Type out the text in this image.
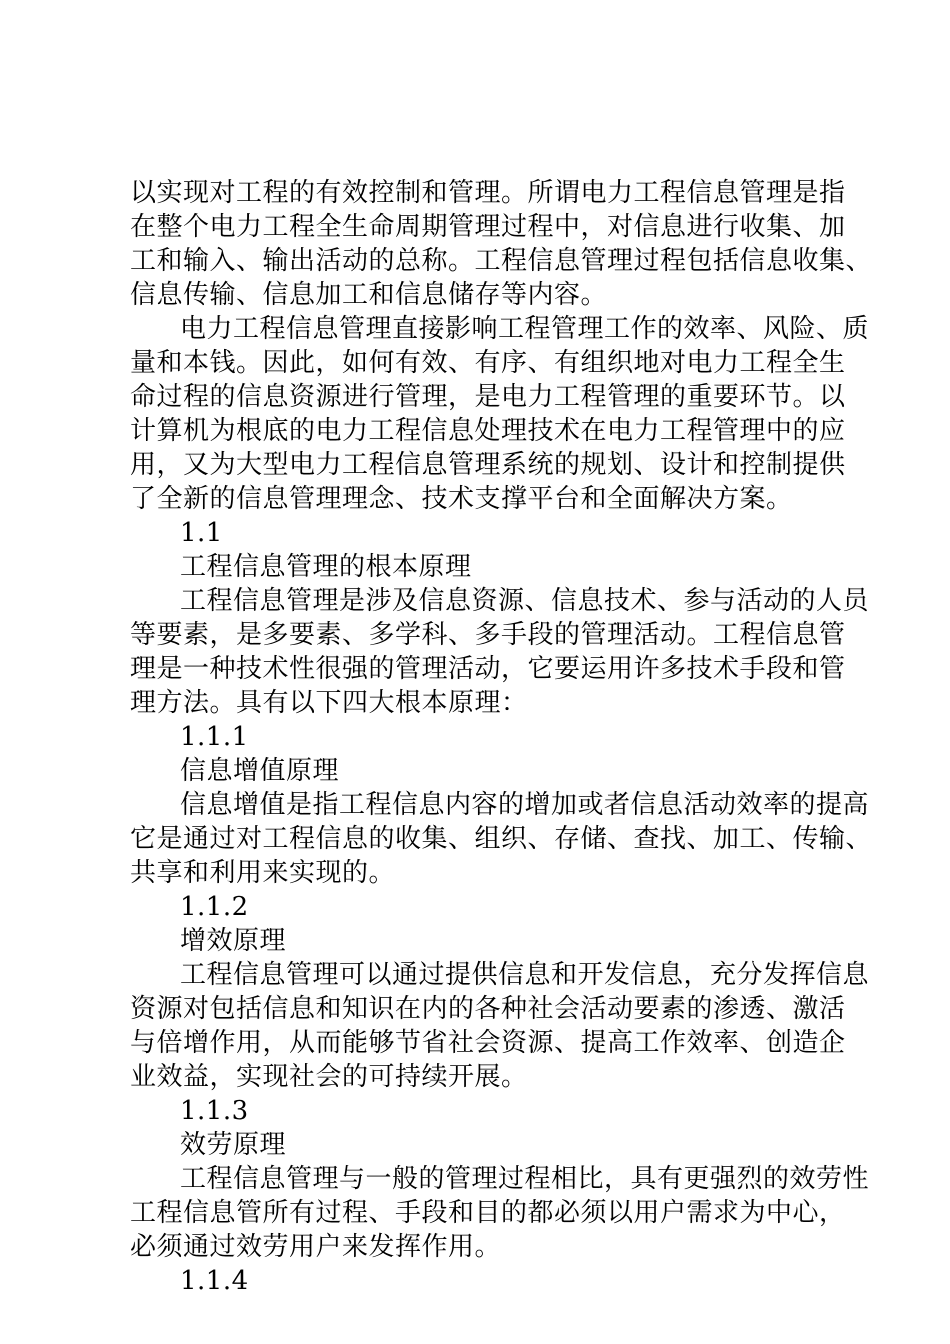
以实现对工程的有效控制和管理。所谓电力工程信息管理是指
在整个电力工程全生命周期管理过程中，对信息进行收集、加
工和输入、输出活动的总称。工程信息管理过程包括信息收集、
信息传输、信息加工和信息储存等内容。
电力工程信息管理直接影响工程管理工作的效率、风险、质
量和本钱。因此，如何有效、有序、有组织地对电力工程全生
命过程的信息资源进行管理，是电力工程管理的重要环节。以
计算机为根底的电力工程信息处理技术在电力工程管理中的应
用，又为大型电力工程信息管理系统的规划、设计和控制提供
了全新的信息管理理念、技术支撑平台和全面解决方案。
1.1
工程信息管理的根本原理
工程信息管理是涉及信息资源、信息技术、参与活动的人员
等要素，是多要素、多学科、多手段的管理活动。工程信息管
理是一种技术性很强的管理活动，它要运用许多技术手段和管
理方法。具有以下四大根本原理：
1.1.1
信息增值原理
信息增值是指工程信息内容的增加或者信息活动效率的提高
它是通过对工程信息的收集、组织、存储、查找、加工、传输、
共享和利用来实现的。
1.1.2
增效原理
工程信息管理可以通过提供信息和开发信息，充分发挥信息
资源对包括信息和知识在内的各种社会活动要素的渗透、激活
与倍增作用，从而能够节省社会资源、提高工作效率、创造企
业效益，实现社会的可持续开展。
1.1.3
效劳原理
工程信息管理与一般的管理过程相比，具有更强烈的效劳性
工程信息管所有过程、手段和目的都必须以用户需求为中心，
必须通过效劳用户来发挥作用。
1.1.4
